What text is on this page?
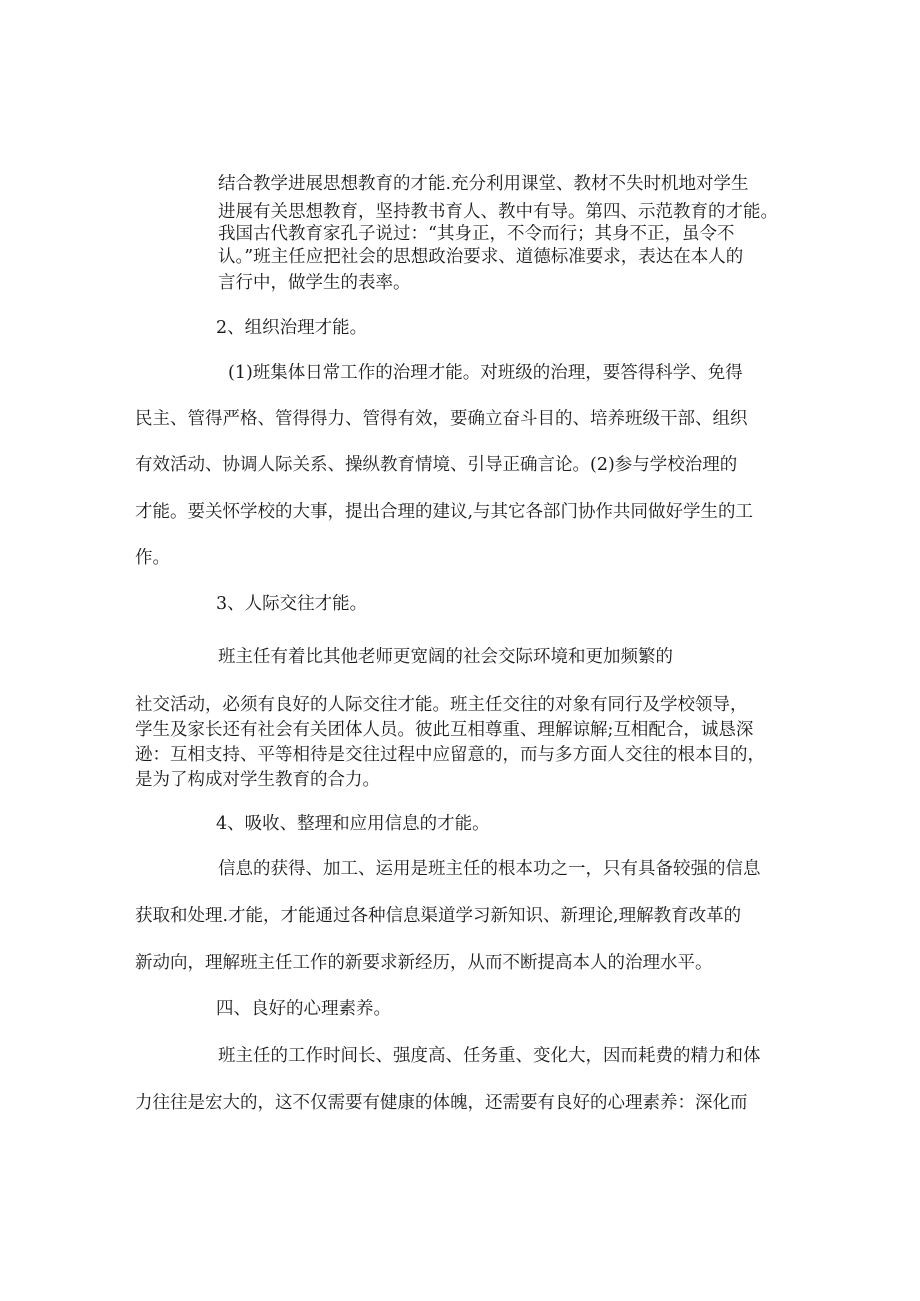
结合教学进展思想教育的才能.充分利用课堂、教材不失时机地对学生

进展有关思想教育，坚持教书育人、教中有导。第四、示范教育的才能。

我国古代教育家孔子说过：“其身正，不令而行；其身不正，虽令不

认。”班主任应把社会的思想政治要求、道德标准要求，表达在本人的

言行中，做学生的表率。

2、组织治理才能。

(1)班集体日常工作的治理才能。对班级的治理，要答得科学、免得

民主、管得严格、管得得力、管得有效，要确立奋斗目的、培养班级干部、组织

有效活动、协调人际关系、操纵教育情境、引导正确言论。(2)参与学校治理的

才能。要关怀学校的大事，提出合理的建议,与其它各部门协作共同做好学生的工

作。

3、人际交往才能。

班主任有着比其他老师更宽阔的社会交际环境和更加频繁的

社交活动，必须有良好的人际交往才能。班主任交往的对象有同行及学校领导，

学生及家长还有社会有关团体人员。彼此互相尊重、理解谅解;互相配合，诚恳深

逊：互相支持、平等相待是交往过程中应留意的，而与多方面人交往的根本目的，

是为了构成对学生教育的合力。

4、吸收、整理和应用信息的才能。

信息的获得、加工、运用是班主任的根本功之一，只有具备较强的信息

获取和处理.才能，才能通过各种信息渠道学习新知识、新理论,理解教育改革的

新动向，理解班主任工作的新要求新经历，从而不断提高本人的治理水平。

四、良好的心理素养。

班主任的工作时间长、强度高、任务重、变化大，因而耗费的精力和体

力往往是宏大的，这不仅需要有健康的体魄，还需要有良好的心理素养：深化而
